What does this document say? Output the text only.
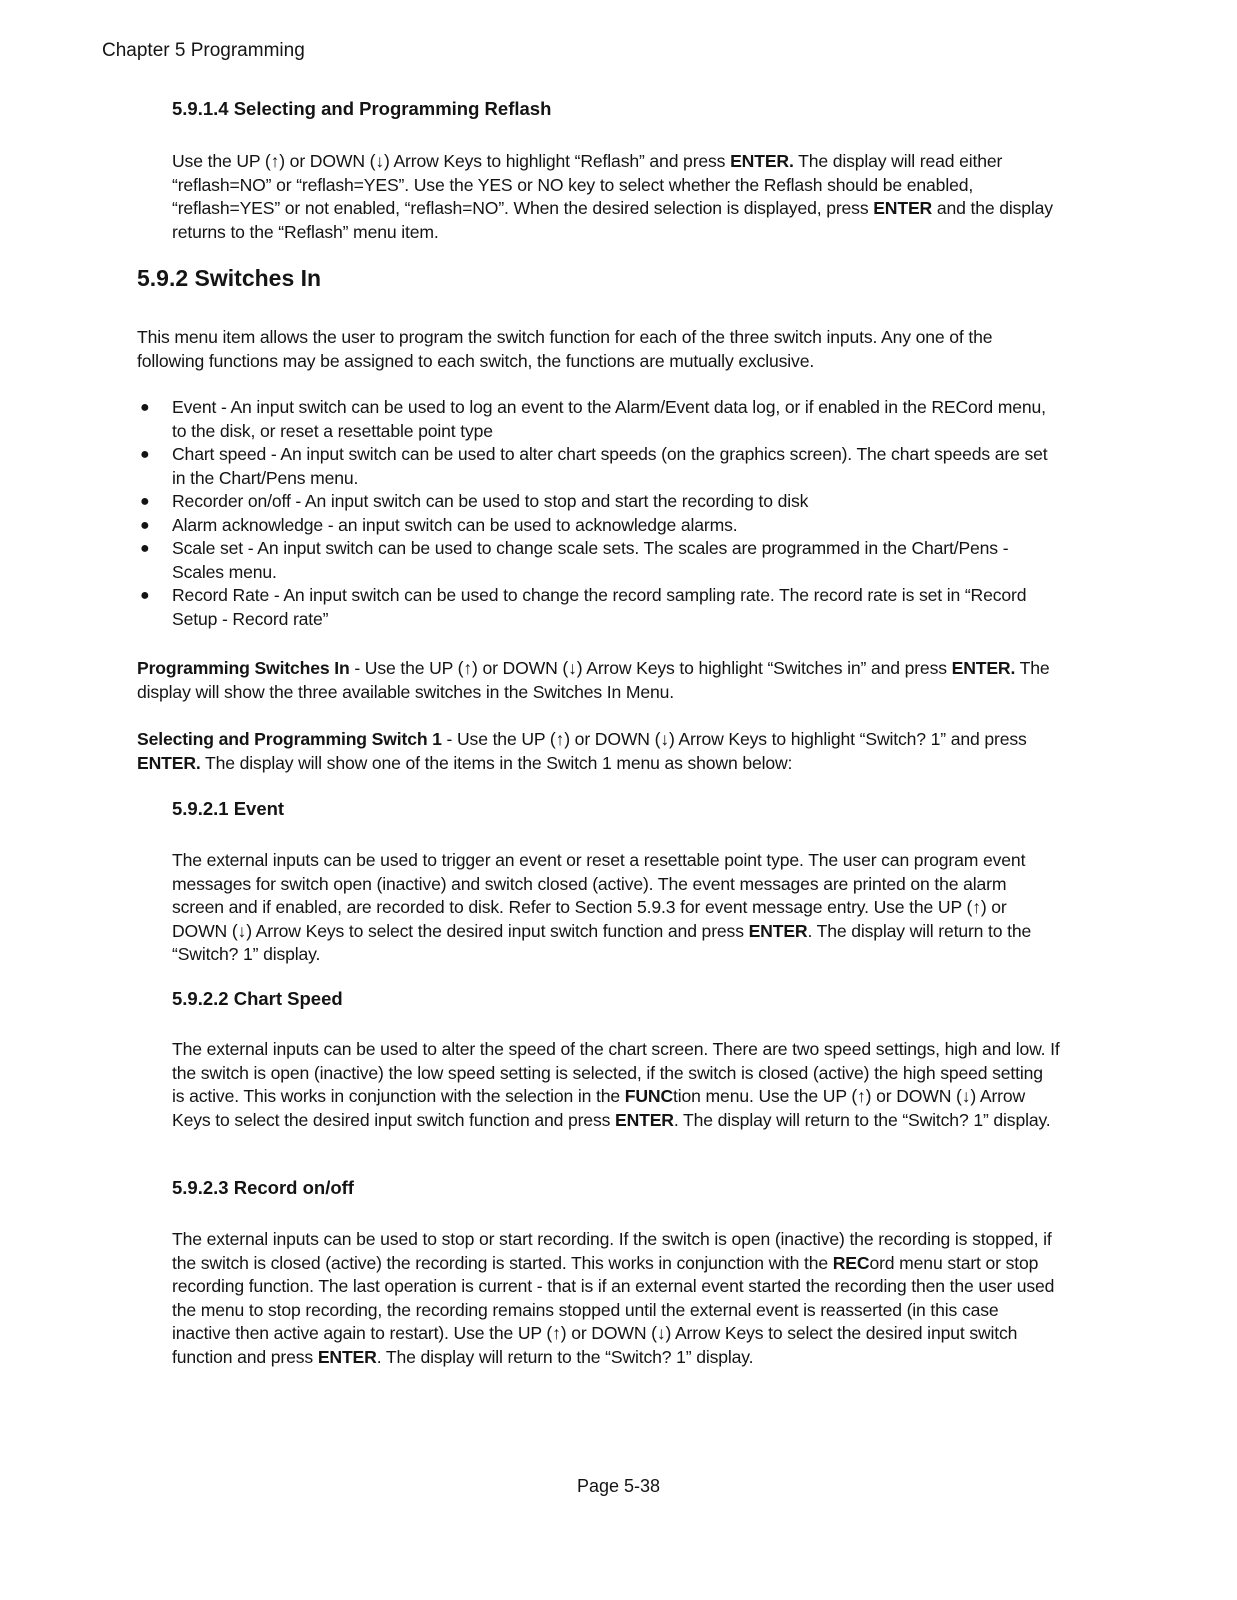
Chapter 5 Programming
5.9.1.4 Selecting and Programming Reflash

Use the UP (↑) or DOWN (↓) Arrow Keys to highlight “Reflash” and press ENTER. The display will read either “reflash=NO” or “reflash=YES”. Use the YES or NO key to select whether the Reflash should be enabled, “reflash=YES” or not enabled, “reflash=NO”. When the desired selection is displayed, press ENTER and the display returns to the “Reflash” menu item.

5.9.2 Switches In

This menu item allows the user to program the switch function for each of the three switch inputs. Any one of the following functions may be assigned to each switch, the functions are mutually exclusive.

● Event - An input switch can be used to log an event to the Alarm/Event data log, or if enabled in the RECord menu, to the disk, or reset a resettable point type
● Chart speed - An input switch can be used to alter chart speeds (on the graphics screen). The chart speeds are set in the Chart/Pens menu.
● Recorder on/off - An input switch can be used to stop and start the recording to disk
● Alarm acknowledge - an input switch can be used to acknowledge alarms.
● Scale set - An input switch can be used to change scale sets. The scales are programmed in the Chart/Pens - Scales menu.
● Record Rate - An input switch can be used to change the record sampling rate. The record rate is set in “Record Setup - Record rate”

Programming Switches In - Use the UP (↑) or DOWN (↓) Arrow Keys to highlight “Switches in” and press ENTER. The display will show the three available switches in the Switches In Menu.

Selecting and Programming Switch 1 - Use the UP (↑) or DOWN (↓) Arrow Keys to highlight “Switch? 1” and press ENTER. The display will show one of the items in the Switch 1 menu as shown below:

5.9.2.1 Event

The external inputs can be used to trigger an event or reset a resettable point type. The user can program event messages for switch open (inactive) and switch closed (active). The event messages are printed on the alarm screen and if enabled, are recorded to disk. Refer to Section 5.9.3 for event message entry. Use the UP (↑) or DOWN (↓) Arrow Keys to select the desired input switch function and press ENTER. The display will return to the “Switch? 1” display.

5.9.2.2 Chart Speed

The external inputs can be used to alter the speed of the chart screen. There are two speed settings, high and low. If the switch is open (inactive) the low speed setting is selected, if the switch is closed (active) the high speed setting is active. This works in conjunction with the selection in the FUNCtion menu. Use the UP (↑) or DOWN (↓) Arrow Keys to select the desired input switch function and press ENTER. The display will return to the “Switch? 1” display.

5.9.2.3 Record on/off

The external inputs can be used to stop or start recording. If the switch is open (inactive) the recording is stopped, if the switch is closed (active) the recording is started. This works in conjunction with the RECord menu start or stop recording function. The last operation is current - that is if an external event started the recording then the user used the menu to stop recording, the recording remains stopped until the external event is reasserted (in this case inactive then active again to restart). Use the UP (↑) or DOWN (↓) Arrow Keys to select the desired input switch function and press ENTER. The display will return to the “Switch? 1” display.

Page 5-38
